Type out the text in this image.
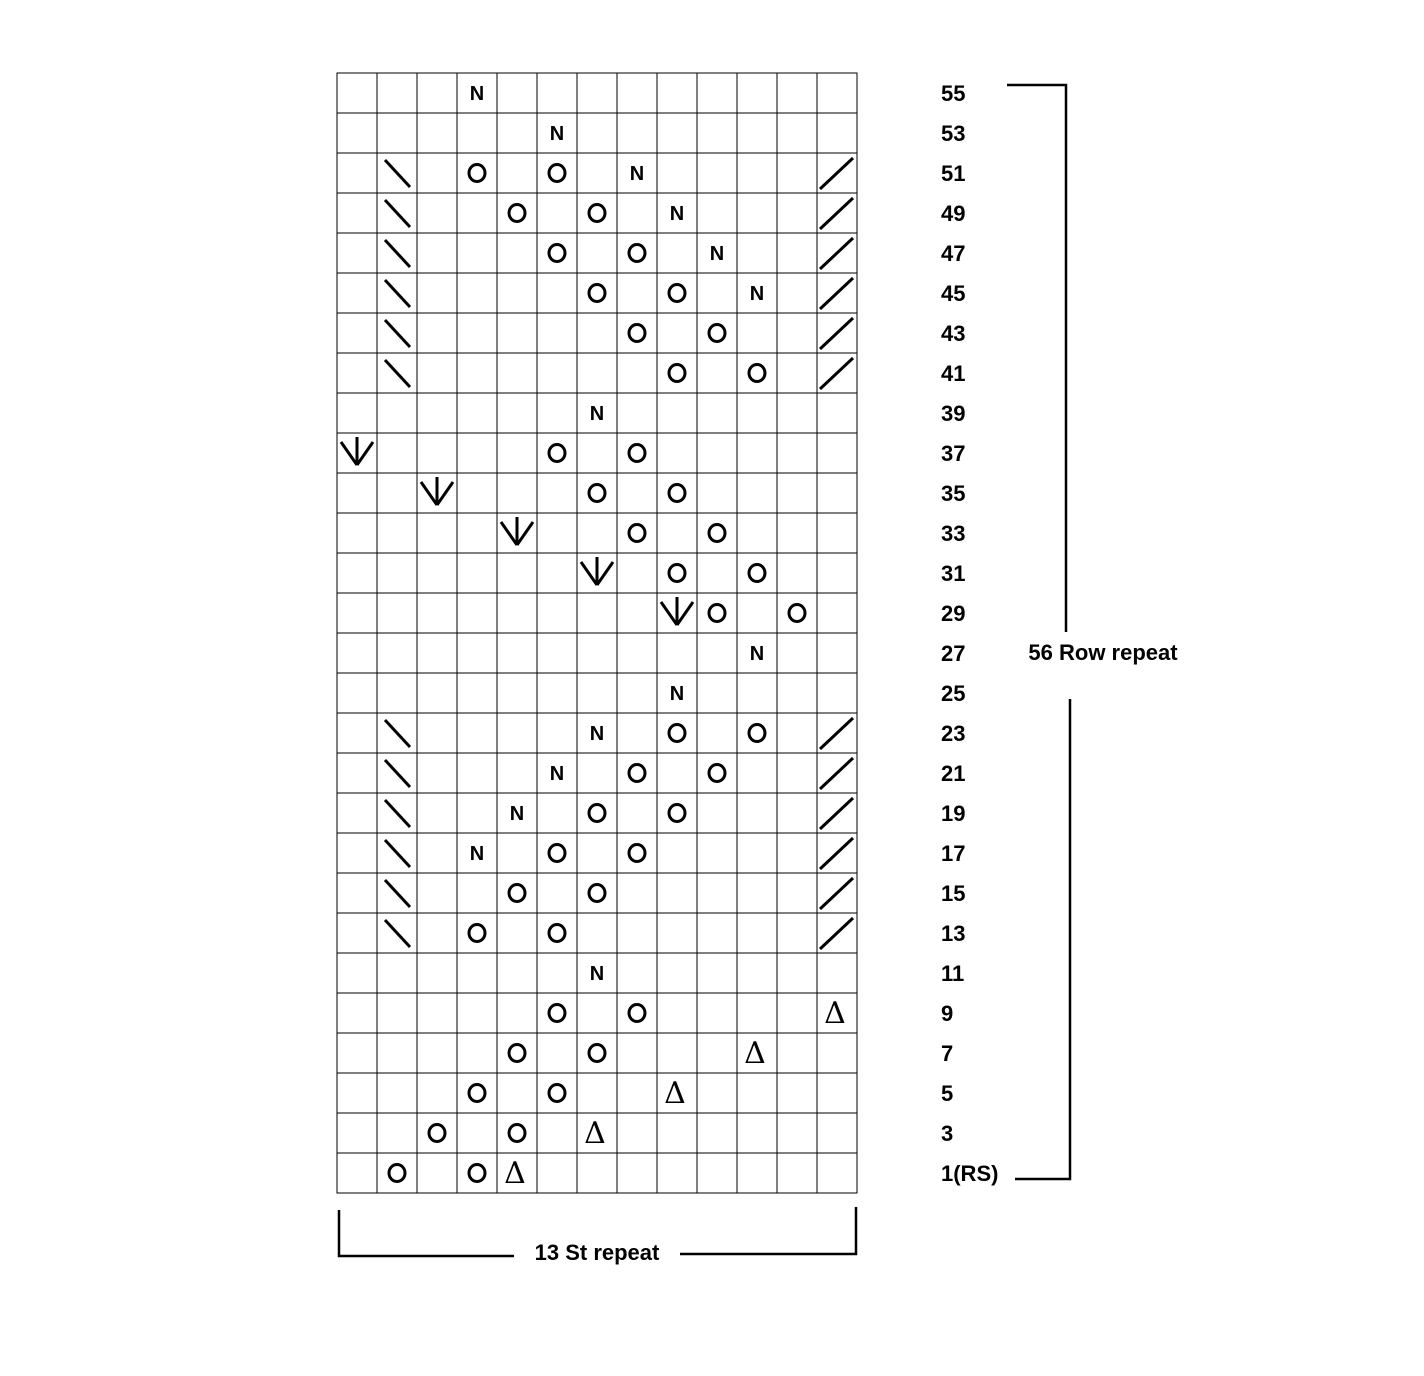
N
N
N
N
N
N
N
N
N
N
N
N
N
N
Δ
Δ
Δ
Δ
Δ
55
53
51
49
47
45
43
41
39
37
35
33
31
29
27
25
23
21
19
17
15
13
11
9
7
5
3
1(RS)
13 St repeat
56 Row repeat
